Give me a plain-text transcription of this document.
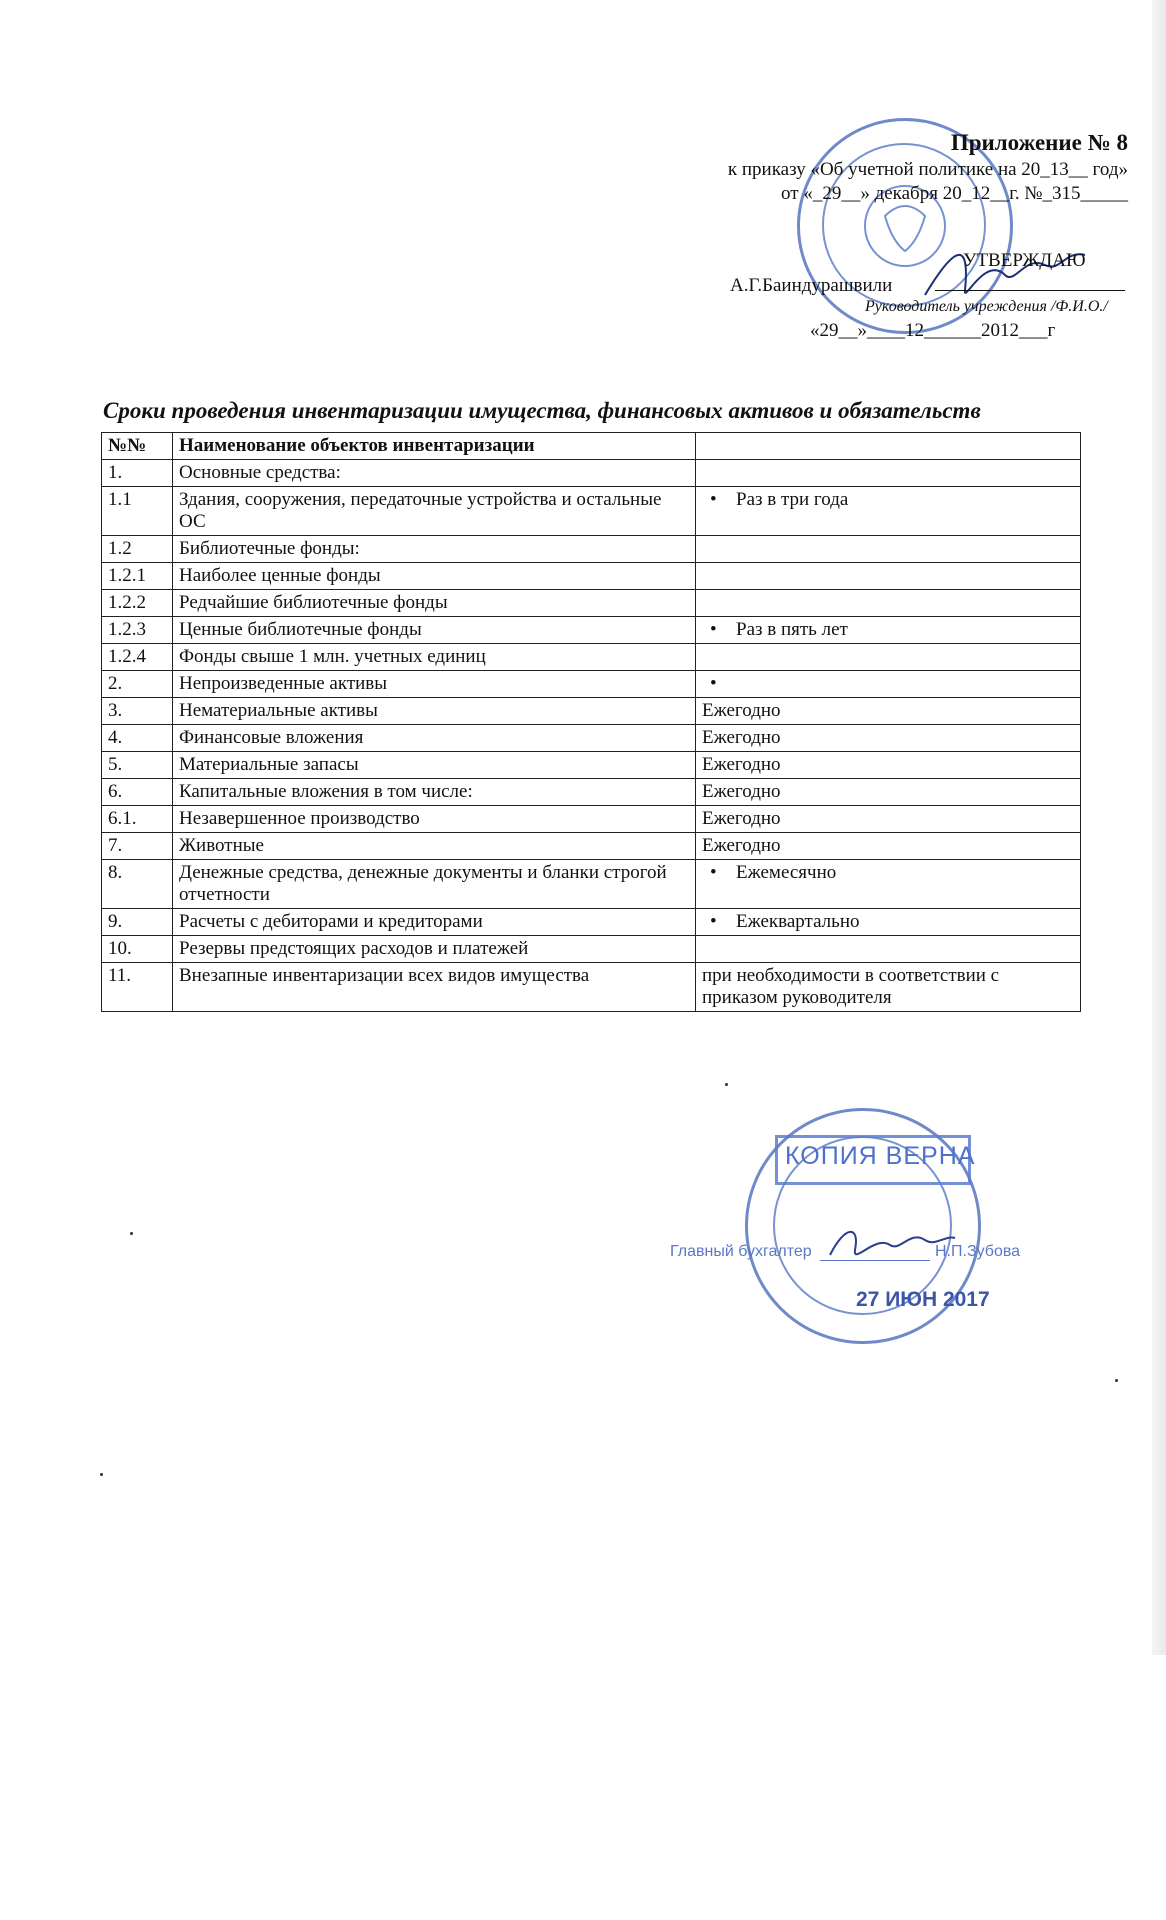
Приложение № 8
к приказу «Об учетной политике на 20_13__ год»
от «_29__» декабря 20_12__г. №_315_____
УТВЕРЖДАЮ
А.Г.Баиндурашвили
Руководитель учреждения /Ф.И.О./
«29__»____12______2012___г
Сроки проведения инвентаризации имущества, финансовых активов и обязательств
№№	Наименование объектов инвентаризации	
1.	Основные средства:	
1.1	Здания, сооружения, передаточные устройства и остальные ОС	• Раз в три года
1.2	Библиотечные фонды:	
1.2.1	Наиболее ценные фонды	
1.2.2	Редчайшие библиотечные фонды	
1.2.3	Ценные библиотечные фонды	• Раз в пять лет
1.2.4	Фонды свыше 1 млн. учетных единиц	
2.	Непроизведенные активы	•
3.	Нематериальные активы	Ежегодно
4.	Финансовые вложения	Ежегодно
5.	Материальные запасы	Ежегодно
6.	Капитальные вложения в том числе:	Ежегодно
6.1.	Незавершенное производство	Ежегодно
7.	Животные	Ежегодно
8.	Денежные средства, денежные документы и бланки строгой отчетности	• Ежемесячно
9.	Расчеты с дебиторами и кредиторами	• Ежеквартально
10.	Резервы предстоящих расходов и платежей	
11.	Внезапные инвентаризации всех видов имущества	при необходимости в соответствии с приказом руководителя
КОПИЯ ВЕРНА
Главный бухгалтер	Н.П.Зубова
27 ИЮН 2017
